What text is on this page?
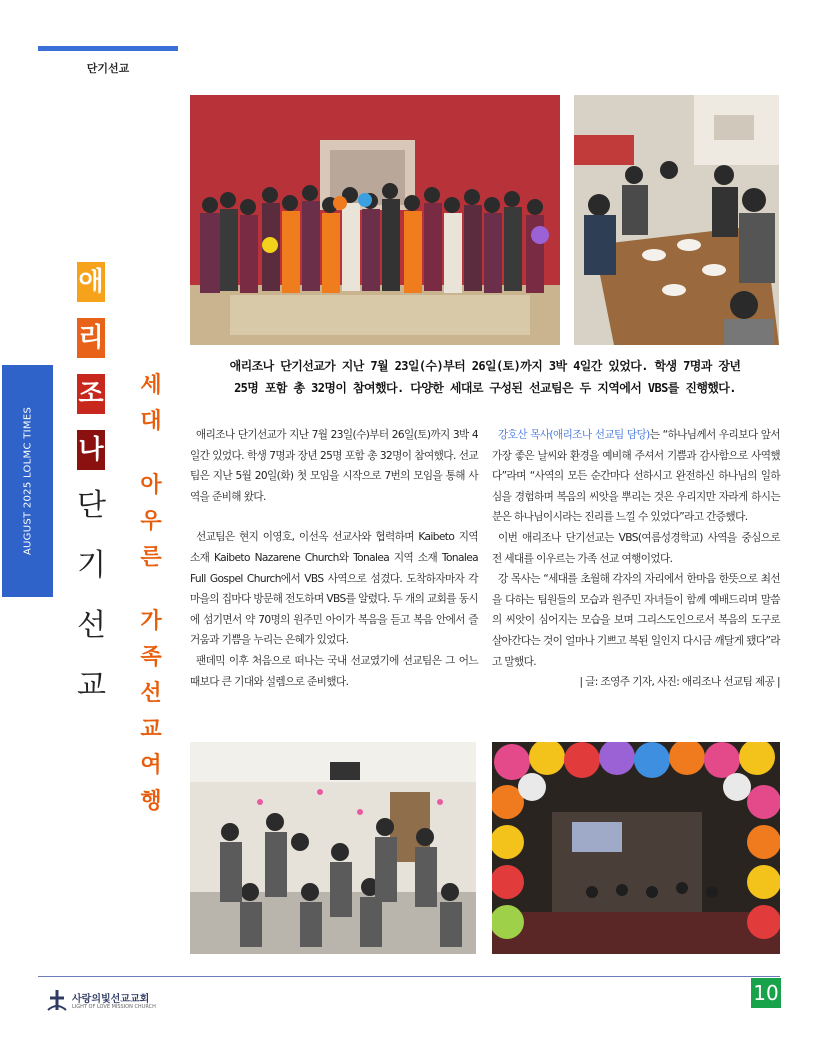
단기선교
AUGUST 2025 LOLMC TIMES
애리조나 단기선교가 지난 7월 23일(수)부터 26일(토)까지 3박 4일간 있었다. 학생 7명과 장년
25명 포함 총 32명이 참여했다. 다양한 세대로 구성된 선교팀은 두 지역에서 VBS를 진행했다.
애
리
조
나
단
기
선
교
세
대
아
우
른
가
족
선
교
여
행

애리조나 단기선교가 지난 7월 23일(수)부터 26일(토)까지 3박 4일간 있었다. 학생 7명과 장년 25명 포함 총 32명이 참여했다. 선교팀은 지난 5월 20일(화) 첫 모임을 시작으로 7번의 모임을 통해 사역을 준비해 왔다.

선교팀은 현지 이영호, 이선옥 선교사와 협력하며 Kaibeto 지역 소재 Kaibeto Nazarene Church와 Tonalea 지역 소재 Tonalea Full Gospel Church에서 VBS 사역으로 섬겼다. 도착하자마자 각 마을의 집마다 방문해 전도하며 VBS를 알렸다. 두 개의 교회를 동시에 섬기면서 약 70명의 원주민 아이가 복음을 듣고 복음 안에서 즐거움과 기쁨을 누리는 은혜가 있었다.

팬데믹 이후 처음으로 떠나는 국내 선교였기에 선교팀은 그 어느 때보다 큰 기대와 설렘으로 준비했다.

강호산 목사(애리조나 선교팀 담당)는 “하나님께서 우리보다 앞서 가장 좋은 날씨와 환경을 예비해 주셔서 기쁨과 감사함으로 사역했다”라며 “사역의 모든 순간마다 선하시고 완전하신 하나님의 일하심을 경험하며 복음의 씨앗을 뿌리는 것은 우리지만 자라게 하시는 분은 하나님이시라는 진리를 느낄 수 있었다”라고 간증했다.

이번 애리조나 단기선교는 VBS(여름성경학교) 사역을 중심으로 전 세대를 이우르는 가족 선교 여행이었다.

강 목사는 “세대를 초월해 각자의 자리에서 한마음 한뜻으로 최선을 다하는 팀원들의 모습과 원주민 자녀들이 함께 예배드리며 말씀의 씨앗이 심어지는 모습을 보며 그리스도인으로서 복음의 도구로 살아간다는 것이 얼마나 기쁘고 복된 일인지 다시금 깨달게 됐다”라고 말했다.

| 글: 조영주 기자, 사진: 애리조나 선교팀 제공 |

사랑의빛선교교회
LIGHT OF LOVE MISSION CHURCH
10
